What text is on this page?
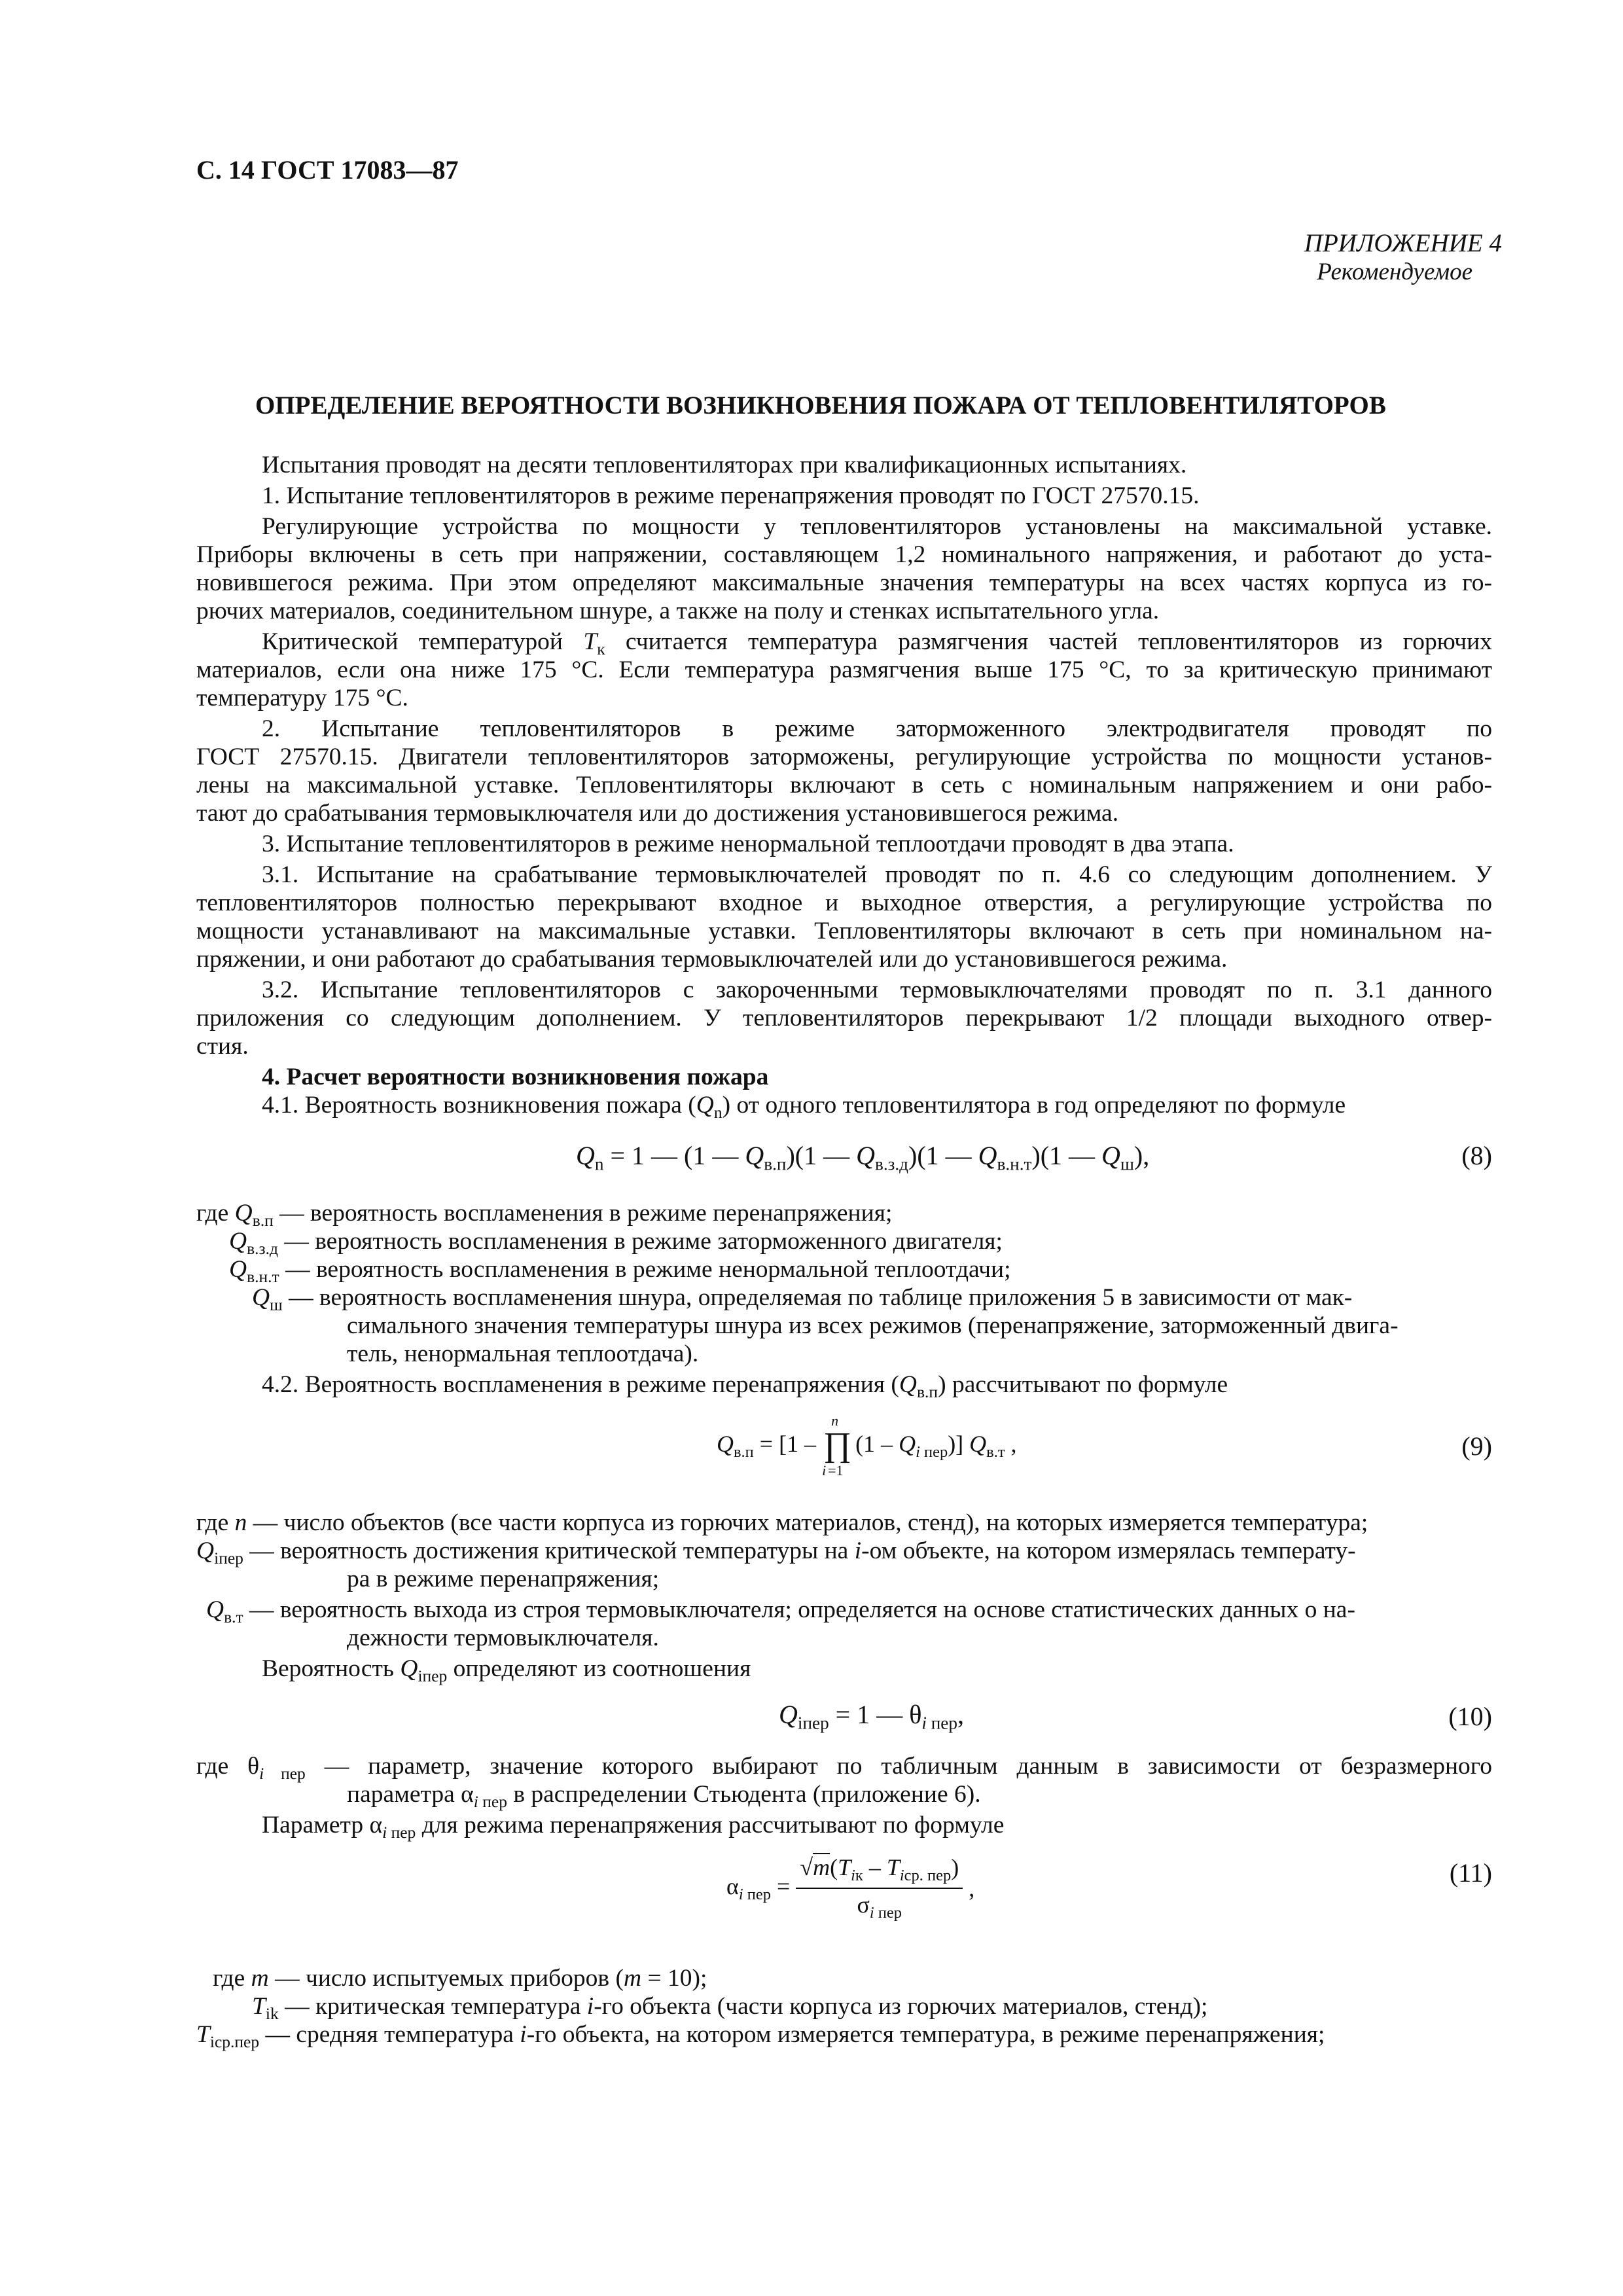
С. 14 ГОСТ 17083—87
ПРИЛОЖЕНИЕ 4
Рекомендуемое
ОПРЕДЕЛЕНИЕ ВЕРОЯТНОСТИ ВОЗНИКНОВЕНИЯ ПОЖАРА ОТ ТЕПЛОВЕНТИЛЯТОРОВ
Испытания проводят на десяти тепловентиляторах при квалификационных испытаниях.
1. Испытание тепловентиляторов в режиме перенапряжения проводят по ГОСТ 27570.15.
Регулирующие устройства по мощности у тепловентиляторов установлены на максимальной уставке.
Приборы включены в сеть при напряжении, составляющем 1,2 номинального напряжения, и работают до уста-
новившегося режима. При этом определяют максимальные значения температуры на всех частях корпуса из го-
рючих материалов, соединительном шнуре, а также на полу и стенках испытательного угла.
Критической температурой $T_к$ считается температура размягчения частей тепловентиляторов из горючих
материалов, если она ниже 175 °С. Если температура размягчения выше 175 °С, то за критическую принимают
температуру 175 °С.
2. Испытание тепловентиляторов в режиме заторможенного электродвигателя проводят по
ГОСТ 27570.15. Двигатели тепловентиляторов заторможены, регулирующие устройства по мощности установ-
лены на максимальной уставке. Тепловентиляторы включают в сеть с номинальным напряжением и они рабо-
тают до срабатывания термовыключателя или до достижения установившегося режима.
3. Испытание тепловентиляторов в режиме ненормальной теплоотдачи проводят в два этапа.
3.1. Испытание на срабатывание термовыключателей проводят по п. 4.6 со следующим дополнением. У
тепловентиляторов полностью перекрывают входное и выходное отверстия, а регулирующие устройства по
мощности устанавливают на максимальные уставки. Тепловентиляторы включают в сеть при номинальном на-
пряжении, и они работают до срабатывания термовыключателей или до установившегося режима.
3.2. Испытание тепловентиляторов с закороченными термовыключателями проводят по п. 3.1 данного
приложения со следующим дополнением. У тепловентиляторов перекрывают 1/2 площади выходного отвер-
стия.
4. Расчет вероятности возникновения пожара
4.1. Вероятность возникновения пожара $(Q_n)$ от одного тепловентилятора в год определяют по формуле
$Q_n = 1$ — (1 — $Q_{в.п})(1$ — $Q_{в.з.д})(1$ — $Q_{в.н.т})(1$ — $Q_ш$),	(8)
где $Q_{в.п}$ — вероятность воспламенения в режиме перенапряжения;
$Q_{в.з.д}$ — вероятность воспламенения в режиме заторможенного двигателя;
$Q_{в.н.т}$ — вероятность воспламенения в режиме ненормальной теплоотдачи;
$Q_ш$ — вероятность воспламенения шнура, определяемая по таблице приложения 5 в зависимости от мак-
симального значения температуры шнура из всех режимов (перенапряжение, заторможенный двига-
тель, ненормальная теплоотдача).
4.2. Вероятность воспламенения в режиме перенапряжения $(Q_{в.п})$ рассчитывают по формуле
$Q_{в.п} = [1$ –
n
∏
i =1
$(1 - Q_{i пер})$] $Q_{в.т}$ ,	(9)
где n — число объектов (все части корпуса из горючих материалов, стенд), на которых измеряется температура;
$Q_{iпер}$ — вероятность достижения критической температуры на i-ом объекте, на котором измерялась температу-
ра в режиме перенапряжения;
$Q_{в.т}$ — вероятность выхода из строя термовыключателя; определяется на основе статистических данных о на-
дежности термовыключателя.
Вероятность $Q_{iпер}$ определяют из соотношения
$Q_{iпер} = 1$ — $\theta_{i пер}$,	(10)
где $\theta_{i пер}$ — параметр, значение которого выбирают по табличным данным в зависимости от безразмерного
параметра $\alpha_{i пер}$ в распределении Стьюдента (приложение 6).
Параметр $\alpha_{i пер}$ для режима перенапряжения рассчитывают по формуле
$\alpha_{i пер} = \frac{√m(T_{iк} - T_{iср. пер})}{\sigma_{i пер}}$ ,
(11)
где m — число испытуемых приборов (m = 10);
$T_{ik}$ — критическая температура i-го объекта (части корпуса из горючих материалов, стенд);
$T_{iср.пер}$ — средняя температура i-го объекта, на котором измеряется температура, в режиме перенапряжения;
